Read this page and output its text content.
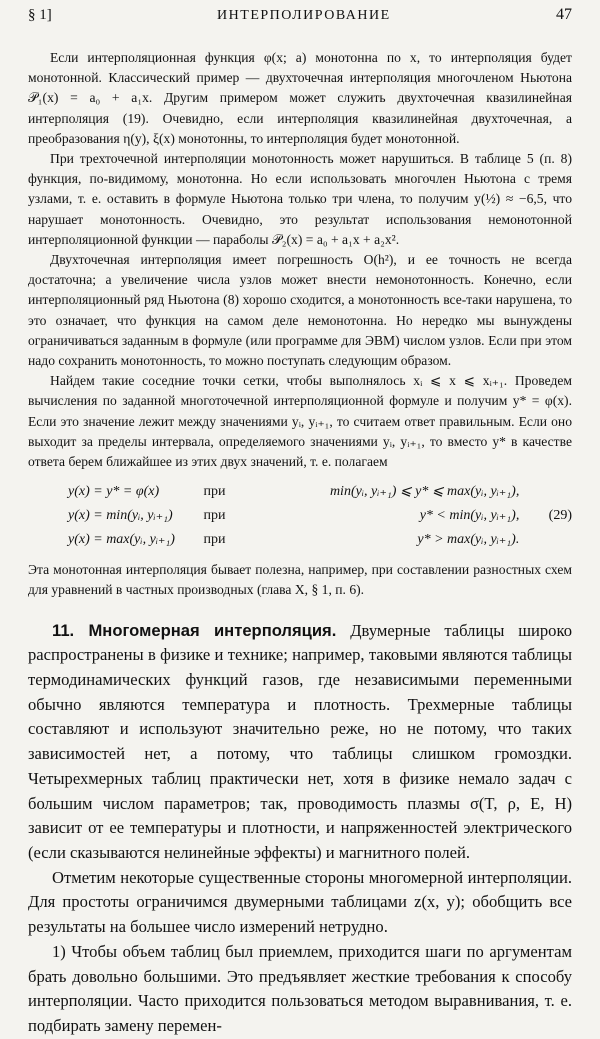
§ 1]	ИНТЕРПОЛИРОВАНИЕ	47

Если интерполяционная функция φ(x; a) монотонна по x, то интерполяция будет монотонной. Классический пример — двухточечная интерполяция многочленом Ньютона 𝒫₁(x) = a₀ + a₁x. Другим примером может служить двухточечная квазилинейная интерполяция (19). Очевидно, если интерполяция квазилинейная двухточечная, а преобразования η(y), ξ(x) монотонны, то интерполяция будет монотонной.

При трехточечной интерполяции монотонность может нарушиться. В таблице 5 (п. 8) функция, по-видимому, монотонна. Но если использовать многочлен Ньютона с тремя узлами, т. е. оставить в формуле Ньютона только три члена, то получим y(½) ≈ −6,5, что нарушает монотонность. Очевидно, это результат использования немонотонной интерполяционной функции — параболы 𝒫₂(x) = a₀ + a₁x + a₂x².

Двухточечная интерполяция имеет погрешность O(h²), и ее точность не всегда достаточна; а увеличение числа узлов может внести немонотонность. Конечно, если интерполяционный ряд Ньютона (8) хорошо сходится, а монотонность все-таки нарушена, то это означает, что функция на самом деле немонотонна. Но нередко мы вынуждены ограничиваться заданным в формуле (или программе для ЭВМ) числом узлов. Если при этом надо сохранить монотонность, то можно поступать следующим образом.

Найдем такие соседние точки сетки, чтобы выполнялось xᵢ ⩽ x ⩽ xᵢ₊₁. Проведем вычисления по заданной многоточечной интерполяционной формуле и получим y* = φ(x). Если это значение лежит между значениями yᵢ, yᵢ₊₁, то считаем ответ правильным. Если оно выходит за пределы интервала, определяемого значениями yᵢ, yᵢ₊₁, то вместо y* в качестве ответа берем ближайшее из этих двух значений, т. е. полагаем

y(x) = y* = φ(x)	при	min(yᵢ, yᵢ₊₁) ⩽ y* ⩽ max(yᵢ, yᵢ₊₁),	
y(x) = min(yᵢ, yᵢ₊₁)	при	y* < min(yᵢ, yᵢ₊₁),	(29)
y(x) = max(yᵢ, yᵢ₊₁)	при	y* > max(yᵢ, yᵢ₊₁).	
Эта монотонная интерполяция бывает полезна, например, при составлении разностных схем для уравнений в частных производных (глава X, § 1, п. 6).

11. Многомерная интерполяция. Двумерные таблицы широко распространены в физике и технике; например, таковыми являются таблицы термодинамических функций газов, где независимыми переменными обычно являются температура и плотность. Трехмерные таблицы составляют и используют значительно реже, но не потому, что таких зависимостей нет, а потому, что таблицы слишком громоздки. Четырехмерных таблиц практически нет, хотя в физике немало задач с большим числом параметров; так, проводимость плазмы σ(T, ρ, E, H) зависит от ее температуры и плотности, и напряженностей электрического (если сказываются нелинейные эффекты) и магнитного полей.

Отметим некоторые существенные стороны многомерной интерполяции. Для простоты ограничимся двумерными таблицами z(x, y); обобщить все результаты на большее число измерений нетрудно.

1) Чтобы объем таблиц был приемлем, приходится шаги по аргументам брать довольно большими. Это предъявляет жесткие требования к способу интерполяции. Часто приходится пользоваться методом выравнивания, т. е. подбирать замену перемен-
